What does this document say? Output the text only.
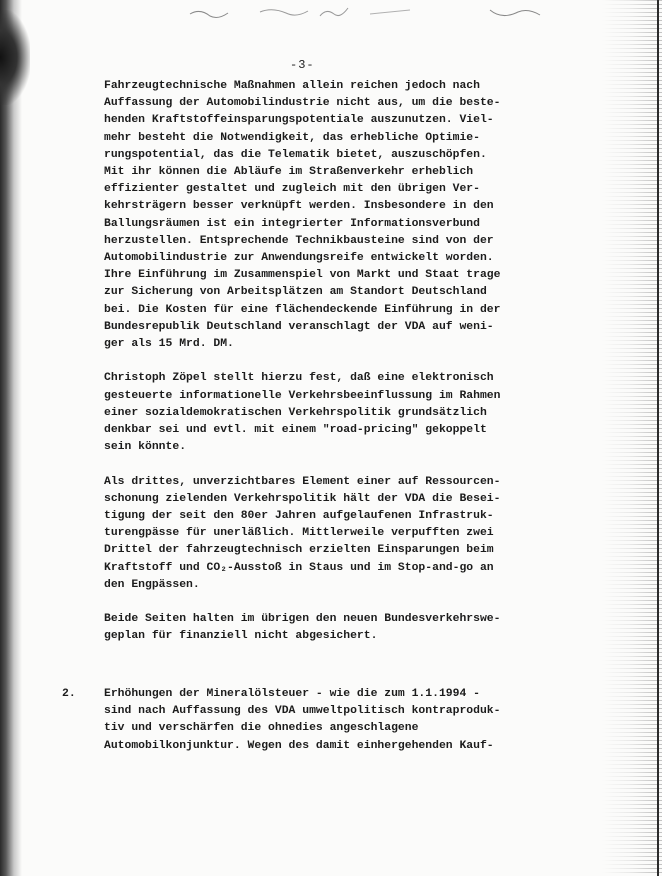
-3-
Fahrzeugtechnische Maßnahmen allein reichen jedoch nach
Auffassung der Automobilindustrie nicht aus, um die beste-
henden Kraftstoffeinsparungspotentiale auszunutzen. Viel-
mehr besteht die Notwendigkeit, das erhebliche Optimie-
rungspotential, das die Telematik bietet, auszuschöpfen.
Mit ihr können die Abläufe im Straßenverkehr erheblich
effizienter gestaltet und zugleich mit den übrigen Ver-
kehrsträgern besser verknüpft werden. Insbesondere in den
Ballungsräumen ist ein integrierter Informationsverbund
herzustellen. Entsprechende Technikbausteine sind von der
Automobilindustrie zur Anwendungsreife entwickelt worden.
Ihre Einführung im Zusammenspiel von Markt und Staat trage
zur Sicherung von Arbeitsplätzen am Standort Deutschland
bei. Die Kosten für eine flächendeckende Einführung in der
Bundesrepublik Deutschland veranschlagt der VDA auf weni-
ger als 15 Mrd. DM.
Christoph Zöpel stellt hierzu fest, daß eine elektronisch
gesteuerte informationelle Verkehrsbeeinflussung im Rahmen
einer sozialdemokratischen Verkehrspolitik grundsätzlich
denkbar sei und evtl. mit einem "road-pricing" gekoppelt
sein könnte.
Als drittes, unverzichtbares Element einer auf Ressourcen-
schonung zielenden Verkehrspolitik hält der VDA die Besei-
tigung der seit den 80er Jahren aufgelaufenen Infrastruk-
turengpässe für unerläßlich. Mittlerweile verpufften zwei
Drittel der fahrzeugtechnisch erzielten Einsparungen beim
Kraftstoff und CO₂-Ausstoß in Staus und im Stop-and-go an
den Engpässen.
Beide Seiten halten im übrigen den neuen Bundesverkehrswe-
geplan für finanziell nicht abgesichert.
2. Erhöhungen der Mineralölsteuer - wie die zum 1.1.1994 -
sind nach Auffassung des VDA umweltpolitisch kontraproduk-
tiv und verschärfen die ohnedies angeschlagene
Automobilkonjunktur. Wegen des damit einhergehenden Kauf-
